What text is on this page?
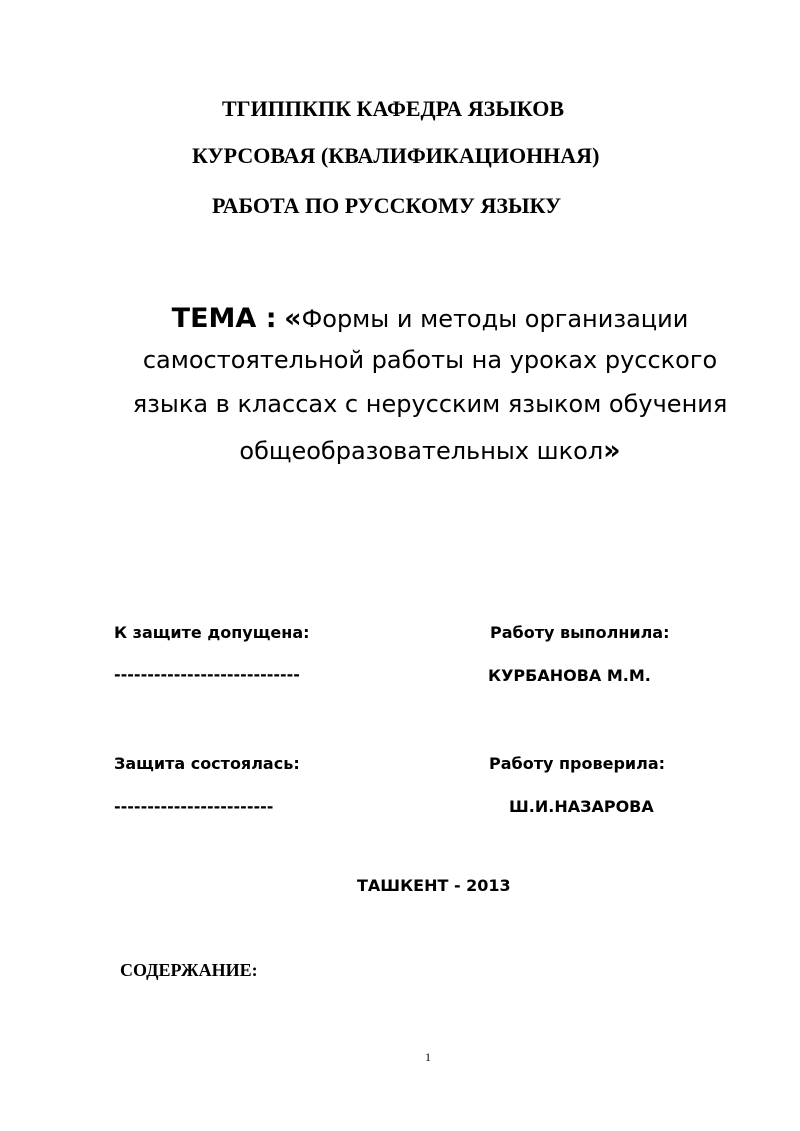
ТГИППКПК КАФЕДРА ЯЗЫКОВ

КУРСОВАЯ (КВАЛИФИКАЦИОННАЯ)

РАБОТА ПО РУССКОМУ ЯЗЫКУ

ТЕМА : «Формы и методы организации
самостоятельной работы на уроках русского
языка в классах с нерусским языком обучения
общеобразовательных школ»

К защите допущена:

----------------------------

Работу выполнила:

КУРБАНОВА М.М.

Защита состоялась:

------------------------

Работу проверила:

Ш.И.НАЗАРОВА

ТАШКЕНТ - 2013

СОДЕРЖАНИЕ:

1
